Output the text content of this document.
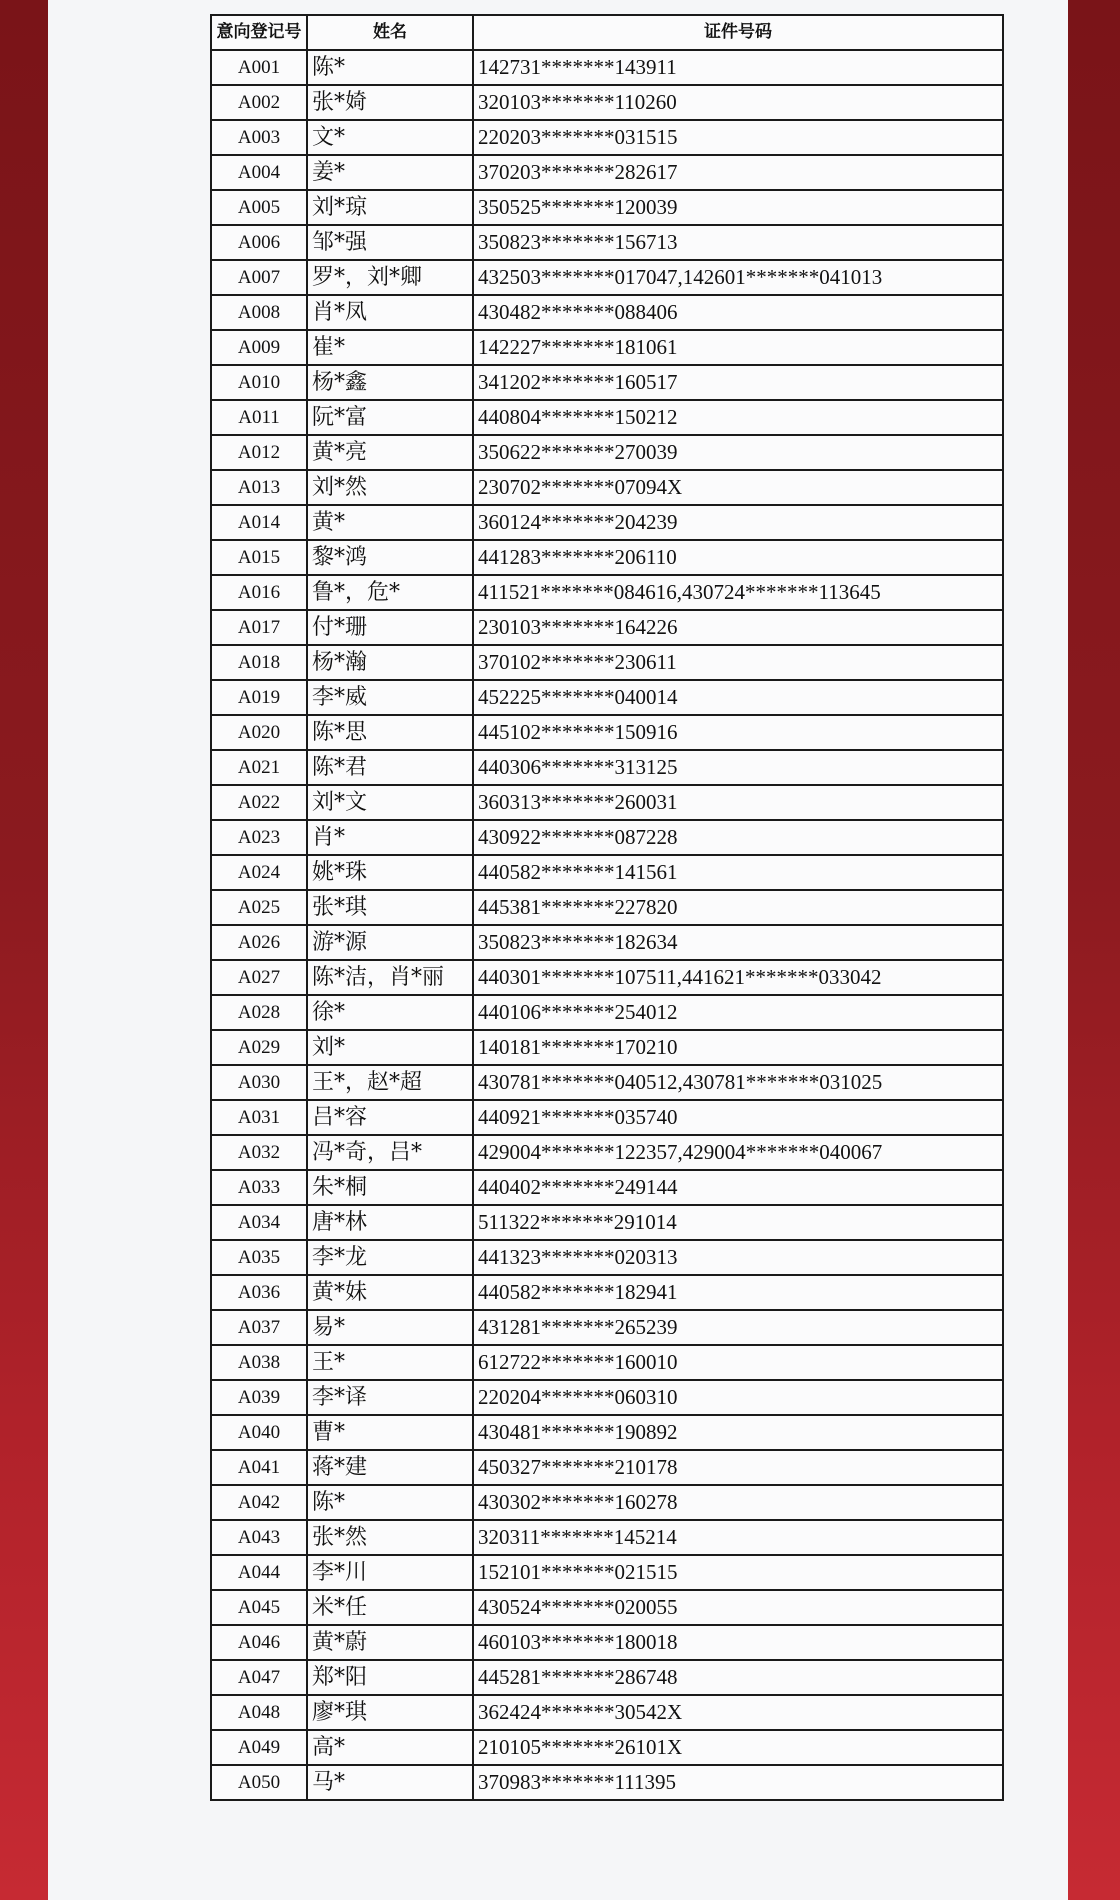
意向登记号	姓名	证件号码
A001	陈*	142731*******143911
A002	张*婍	320103*******110260
A003	文*	220203*******031515
A004	姜*	370203*******282617
A005	刘*琼	350525*******120039
A006	邹*强	350823*******156713
A007	罗*，刘*卿	432503*******017047,142601*******041013
A008	肖*凤	430482*******088406
A009	崔*	142227*******181061
A010	杨*鑫	341202*******160517
A011	阮*富	440804*******150212
A012	黄*亮	350622*******270039
A013	刘*然	230702*******07094X
A014	黄*	360124*******204239
A015	黎*鸿	441283*******206110
A016	鲁*，危*	411521*******084616,430724*******113645
A017	付*珊	230103*******164226
A018	杨*瀚	370102*******230611
A019	李*威	452225*******040014
A020	陈*思	445102*******150916
A021	陈*君	440306*******313125
A022	刘*文	360313*******260031
A023	肖*	430922*******087228
A024	姚*珠	440582*******141561
A025	张*琪	445381*******227820
A026	游*源	350823*******182634
A027	陈*洁，肖*丽	440301*******107511,441621*******033042
A028	徐*	440106*******254012
A029	刘*	140181*******170210
A030	王*，赵*超	430781*******040512,430781*******031025
A031	吕*容	440921*******035740
A032	冯*奇，吕*	429004*******122357,429004*******040067
A033	朱*桐	440402*******249144
A034	唐*林	511322*******291014
A035	李*龙	441323*******020313
A036	黄*妹	440582*******182941
A037	易*	431281*******265239
A038	王*	612722*******160010
A039	李*译	220204*******060310
A040	曹*	430481*******190892
A041	蒋*建	450327*******210178
A042	陈*	430302*******160278
A043	张*然	320311*******145214
A044	李*川	152101*******021515
A045	米*任	430524*******020055
A046	黄*蔚	460103*******180018
A047	郑*阳	445281*******286748
A048	廖*琪	362424*******30542X
A049	高*	210105*******26101X
A050	马*	370983*******111395
